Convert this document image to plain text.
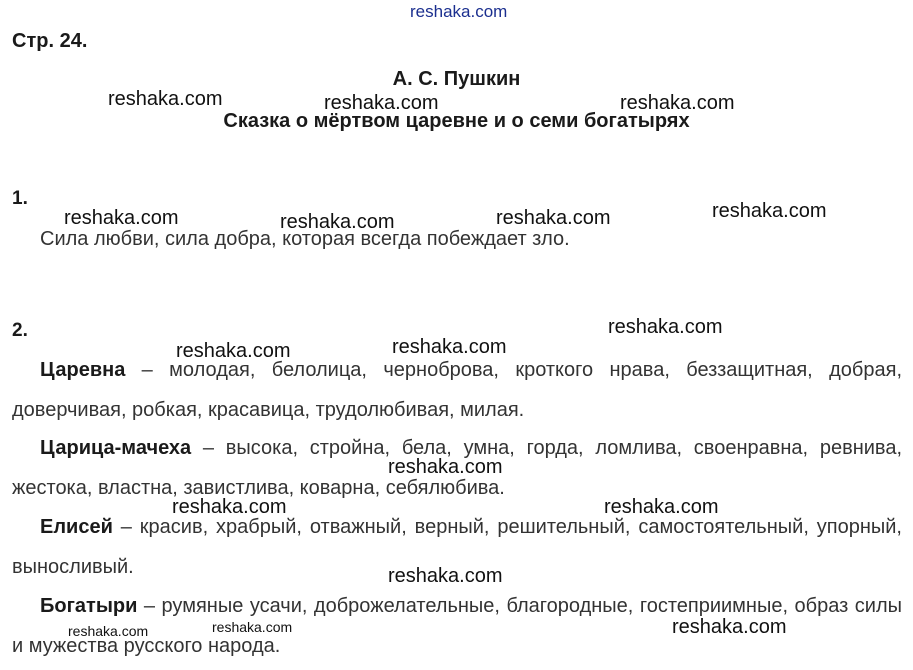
reshaka.com
reshaka.com	reshaka.com	reshaka.com
reshaka.com	reshaka.com	reshaka.com	reshaka.com
reshaka.com
reshaka.com	reshaka.com
reshaka.com
reshaka.com	reshaka.com
reshaka.com
reshaka.com
reshaka.com	reshaka.com
Стр. 24.
А. С. Пушкин
Сказка о мёртвом царевне и о семи богатырях
1.
Сила любви, сила добра, которая всегда побеждает зло.
2.
Царевна – молодая, белолица, черноброва, кроткого нрава, беззащитная, добрая, доверчивая, робкая, красавица, трудолюбивая, милая.
Царица-мачеха – высока, стройна, бела, умна, горда, ломлива, своенравна, ревнива, жестока, властна, завистлива, коварна, себялюбива.
Елисей – красив, храбрый, отважный, верный, решительный, самостоятельный, упорный, выносливый.
Богатыри – румяные усачи, доброжелательные, благородные, гостеприимные, образ силы и мужества русского народа.
